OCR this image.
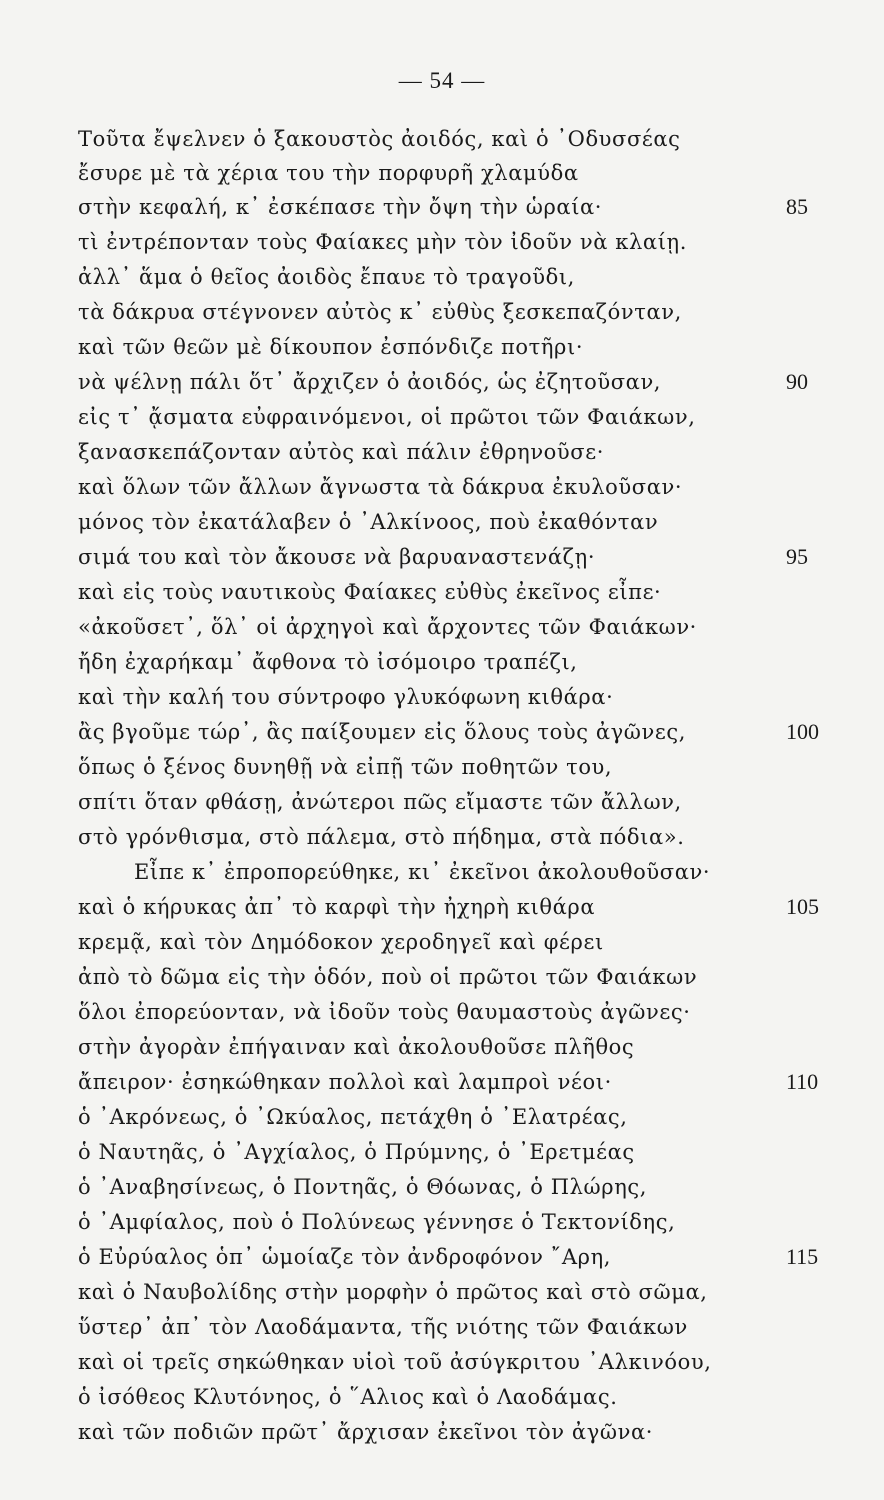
— 54 —
Τοῦτα ἔψελνεν ὁ ξακουστὸς ἀοιδός, καὶ ὁ ᾿Οδυσσέας
ἔσυρε μὲ τὰ χέρια του τὴν πορφυρῆ χλαμύδα
στὴν κεφαλή, κ᾿ ἐσκέπασε τὴν ὄψη τὴν ὡραία·
τὶ ἐντρέπονταν τοὺς Φαίακες μὴν τὸν ἰδοῦν νὰ κλαίῃ.
ἀλλ᾿ ἅμα ὁ θεῖος ἀοιδὸς ἔπαυε τὸ τραγοῦδι,
τὰ δάκρυα στέγνονεν αὐτὸς κ᾿ εὐθὺς ξεσκεπαζόνταν,
καὶ τῶν θεῶν μὲ δίκουπον ἐσπόνδιζε ποτῆρι·
νὰ ψέλνῃ πάλι ὅτ᾿ ἄρχιζεν ὁ ἀοιδός, ὡς ἐζητοῦσαν,
εἰς τ᾿ ᾄσματα εὐφραινόμενοι, οἱ πρῶτοι τῶν Φαιάκων,
ξανασκεπάζονταν αὐτὸς καὶ πάλιν ἐθρηνοῦσε·
καὶ ὅλων τῶν ἄλλων ἄγνωστα τὰ δάκρυα ἐκυλοῦσαν·
μόνος τὸν ἐκατάλαβεν ὁ ᾿Αλκίνοος, ποὺ ἐκαθόνταν
σιμά του καὶ τὸν ἄκουσε νὰ βαρυαναστενάζῃ·
καὶ εἰς τοὺς ναυτικοὺς Φαίακες εὐθὺς ἐκεῖνος εἶπε·
«ἀκοῦσετ᾿, ὅλ᾿ οἱ ἀρχηγοὶ καὶ ἄρχοντες τῶν Φαιάκων·
ἤδη ἐχαρήκαμ᾿ ἄφθονα τὸ ἰσόμοιρο τραπέζι,
καὶ τὴν καλή του σύντροφο γλυκόφωνη κιθάρα·
ἂς βγοῦμε τώρ᾿, ἂς παίξουμεν εἰς ὅλους τοὺς ἀγῶνες,
ὅπως ὁ ξένος δυνηθῇ νὰ εἰπῇ τῶν ποθητῶν του,
σπίτι ὅταν φθάσῃ, ἀνώτεροι πῶς εἴμαστε τῶν ἄλλων,
στὸ γρόνθισμα, στὸ πάλεμα, στὸ πήδημα, στὰ πόδια».
Εἶπε κ᾿ ἐπροπορεύθηκε, κι᾿ ἐκεῖνοι ἀκολουθοῦσαν·
καὶ ὁ κήρυκας ἀπ᾿ τὸ καρφὶ τὴν ἠχηρὴ κιθάρα
κρεμᾷ, καὶ τὸν Δημόδοκον χεροδηγεῖ καὶ φέρει
ἀπὸ τὸ δῶμα εἰς τὴν ὁδόν, ποὺ οἱ πρῶτοι τῶν Φαιάκων
ὅλοι ἐπορεύονταν, νὰ ἰδοῦν τοὺς θαυμαστοὺς ἀγῶνες·
στὴν ἀγορὰν ἐπήγαιναν καὶ ἀκολουθοῦσε πλῆθος
ἄπειρον· ἐσηκώθηκαν πολλοὶ καὶ λαμπροὶ νέοι·
ὁ ᾿Ακρόνεως, ὁ ᾿Ωκύαλος, πετάχθη ὁ ᾿Ελατρέας,
ὁ Ναυτηᾶς, ὁ ᾿Αγχίαλος, ὁ Πρύμνης, ὁ ᾿Ερετμέας
ὁ ᾿Αναβησίνεως, ὁ Ποντηᾶς, ὁ Θόωνας, ὁ Πλώρης,
ὁ ᾿Αμφίαλος, ποὺ ὁ Πολύνεως γέννησε ὁ Τεκτονίδης,
ὁ Εὐρύαλος ὁπ᾿ ὡμοίαζε τὸν ἀνδροφόνον ῎Αρη,
καὶ ὁ Ναυβολίδης στὴν μορφὴν ὁ πρῶτος καὶ στὸ σῶμα,
ὕστερ᾿ ἀπ᾿ τὸν Λαοδάμαντα, τῆς νιότης τῶν Φαιάκων
καὶ οἱ τρεῖς σηκώθηκαν υἱοὶ τοῦ ἀσύγκριτου ᾿Αλκινόου,
ὁ ἰσόθεος Κλυτόνηος, ὁ ῞Αλιος καὶ ὁ Λαοδάμας.
καὶ τῶν ποδιῶν πρῶτ᾿ ἄρχισαν ἐκεῖνοι τὸν ἀγῶνα·
85
90
95
100
105
110
115
